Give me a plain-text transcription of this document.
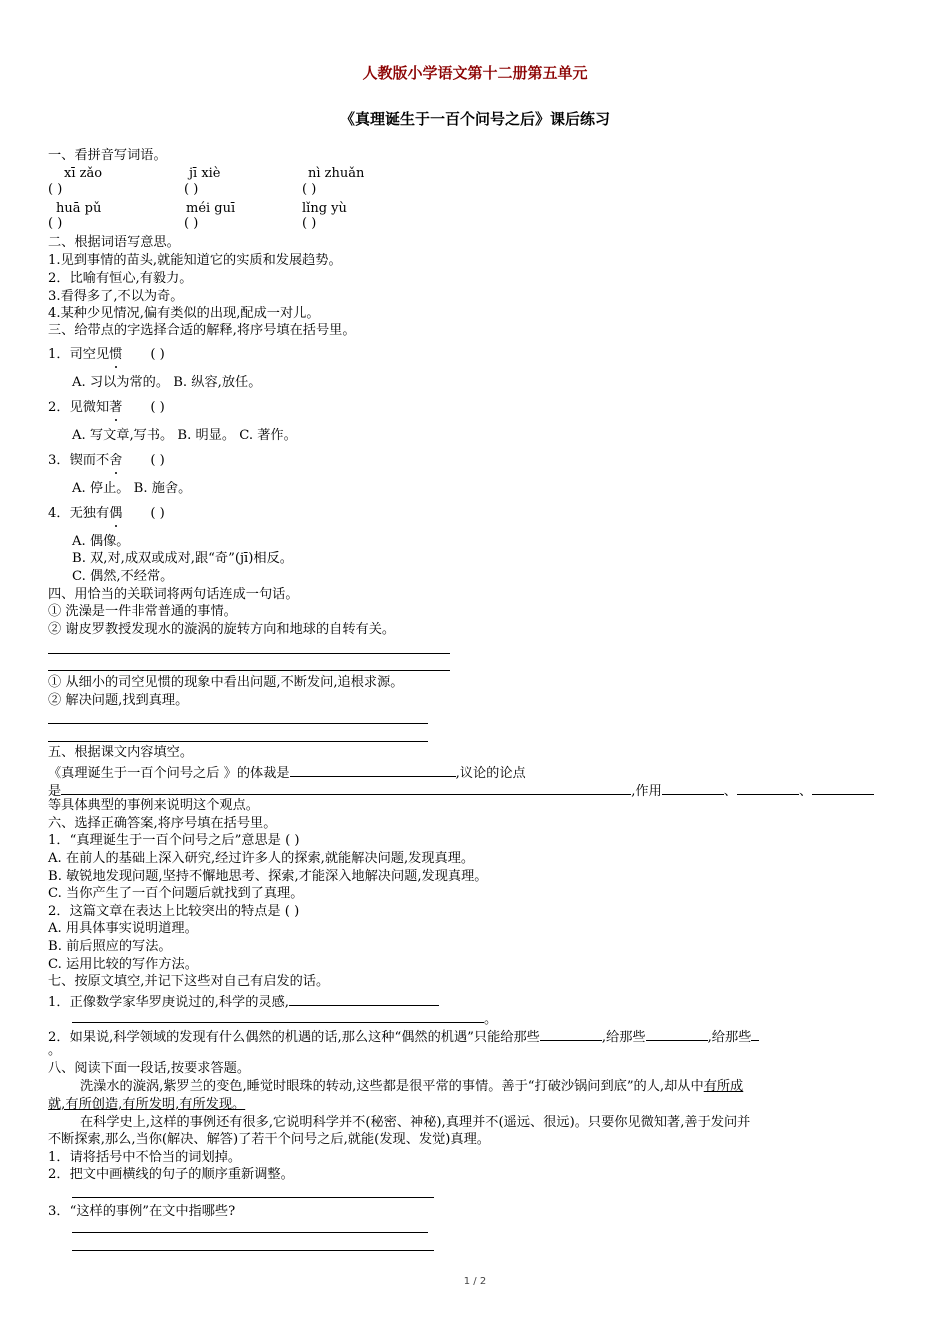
人教版小学语文第十二册第五单元
《真理诞生于一百个问号之后》课后练习
一、看拼音写词语。
xī zǎo	jī xiè	nì zhuǎn
( )	( )	( )
huā pǔ	méi guī	lǐng yù
( )	( )	( )
二、根据词语写意思。
1.见到事情的苗头,就能知道它的实质和发展趋势。
2．比喻有恒心,有毅力。
3.看得多了,不以为奇。
4.某种少见情况,偏有类似的出现,配成一对儿。
三、给带点的字选择合适的解释,将序号填在括号里。
1．司空见惯 ( )
A. 习以为常的。 B. 纵容,放任。
2．见微知著 ( )
A. 写文章,写书。 B. 明显。 C. 著作。
3．锲而不舍 ( )
A. 停止。 B. 施舍。
4．无独有偶 ( )
A. 偶像。
B. 双,对,成双或成对,跟“奇”(jī)相反。
C. 偶然,不经常。
四、用恰当的关联词将两句话连成一句话。
① 洗澡是一件非常普通的事情。
② 谢皮罗教授发现水的漩涡的旋转方向和地球的自转有关。
① 从细小的司空见惯的现象中看出问题,不断发问,追根求源。
② 解决问题,找到真理。
五、根据课文内容填空。
《真理诞生于一百个问号之后 》的体裁是	,议论的论点
是	,作用	、	、
等具体典型的事例来说明这个观点。
六、选择正确答案,将序号填在括号里。
1．“真理诞生于一百个问号之后”意思是 ( )
A. 在前人的基础上深入研究,经过许多人的探索,就能解决问题,发现真理。
B. 敏锐地发现问题,坚持不懈地思考、探索,才能深入地解决问题,发现真理。
C. 当你产生了一百个问题后就找到了真理。
2．这篇文章在表达上比较突出的特点是 ( )
A. 用具体事实说明道理。
B. 前后照应的写法。
C. 运用比较的写作方法。
七、按原文填空,并记下这些对自己有启发的话。
1．正像数学家华罗庚说过的,科学的灵感,
。
2．如果说,科学领域的发现有什么偶然的机遇的话,那么这种“偶然的机遇”只能给那些	,给那些	,给那些
。
八、阅读下面一段话,按要求答题。
洗澡水的漩涡,紫罗兰的变色,睡觉时眼珠的转动,这些都是很平常的事情。善于“打破沙锅问到底”的人,却从中有所成
就,有所创造,有所发明,有所发现。
在科学史上,这样的事例还有很多,它说明科学并不(秘密、神秘),真理并不(遥远、很远)。只要你见微知著,善于发问并
不断探索,那么,当你(解决、解答)了若干个问号之后,就能(发现、发觉)真理。
1．请将括号中不恰当的词划掉。
2．把文中画横线的句子的顺序重新调整。
3．“这样的事例”在文中指哪些?
1 / 2
